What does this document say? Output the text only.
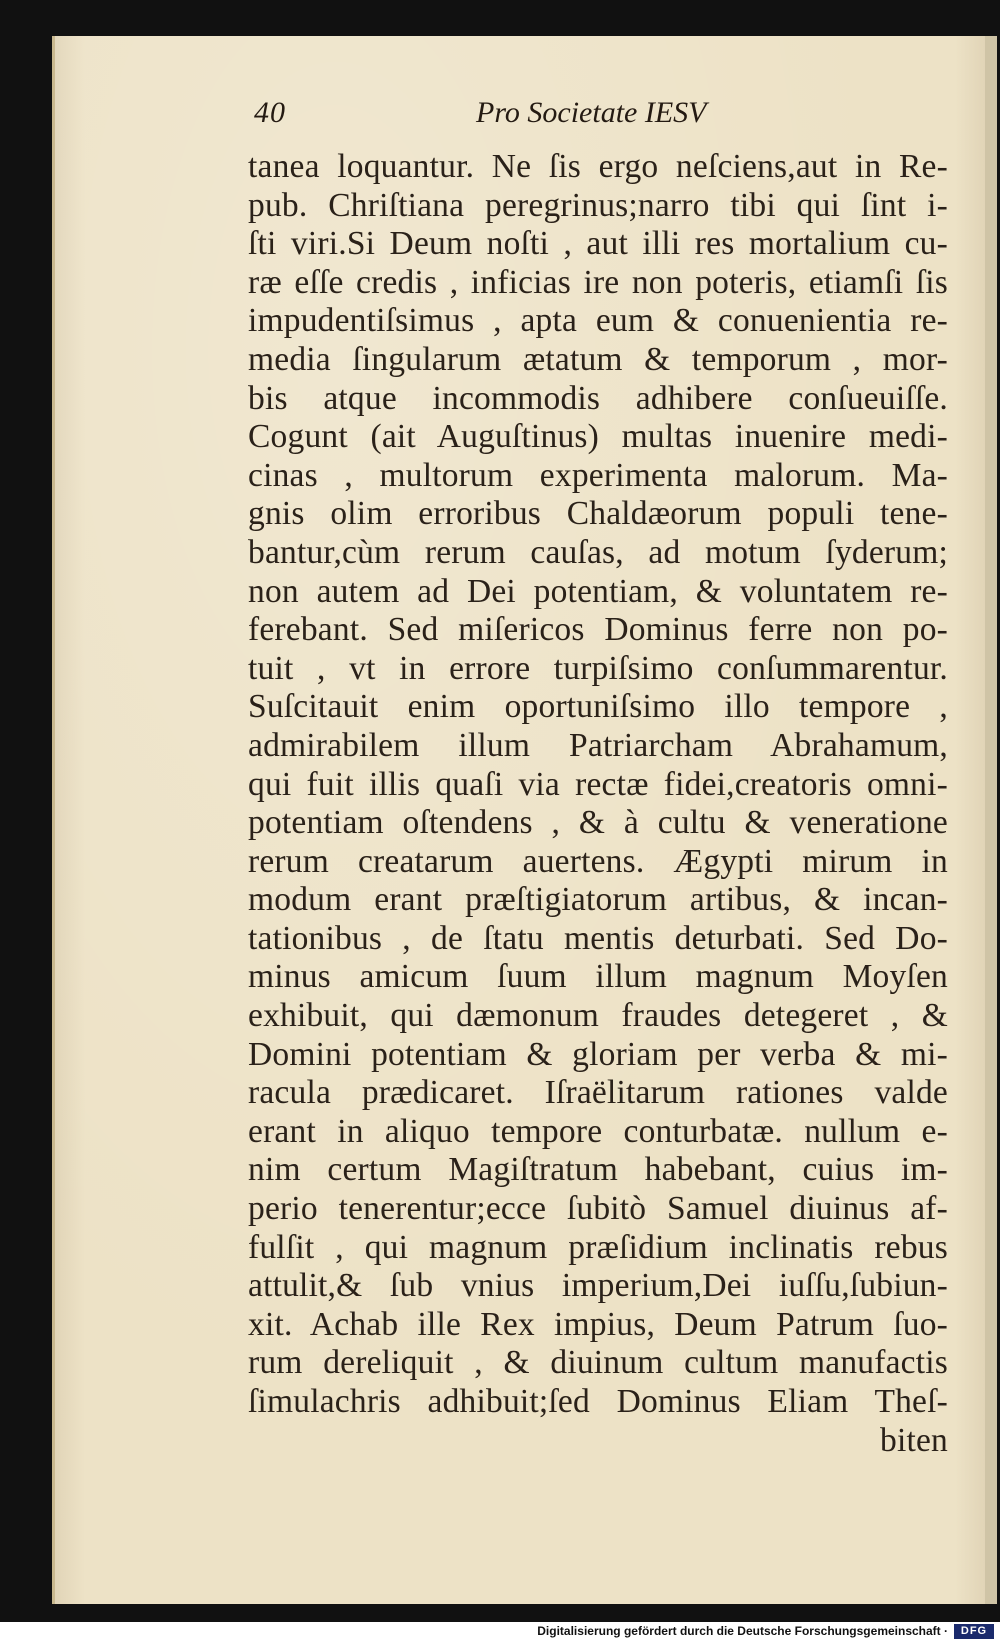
40	Pro Societate IESV
tanea loquantur. Ne ſis ergo neſciens,aut in Re-
pub. Chriſtiana peregrinus;narro tibi qui ſint i-
ſti viri.Si Deum noſti , aut illi res mortalium cu-
ræ eſſe credis , inficias ire non poteris, etiamſi ſis
impudentiſsimus , apta eum & conuenientia re-
media ſingularum ætatum & temporum , mor-
bis atque incommodis adhibere conſueuiſſe.
Cogunt (ait Auguſtinus) multas inuenire medi-
cinas , multorum experimenta malorum. Ma-
gnis olim erroribus Chaldæorum populi tene-
bantur,cùm rerum cauſas, ad motum ſyderum;
non autem ad Dei potentiam, & voluntatem re-
ferebant. Sed miſericos Dominus ferre non po-
tuit , vt in errore turpiſsimo conſummarentur.
Suſcitauit enim oportuniſsimo illo tempore ,
admirabilem illum Patriarcham Abrahamum,
qui fuit illis quaſi via rectæ fidei,creatoris omni-
potentiam oſtendens , & à cultu & veneratione
rerum creatarum auertens. Ægypti mirum in
modum erant præſtigiatorum artibus, & incan-
tationibus , de ſtatu mentis deturbati. Sed Do-
minus amicum ſuum illum magnum Moyſen
exhibuit, qui dæmonum fraudes detegeret , &
Domini potentiam & gloriam per verba & mi-
racula prædicaret. Iſraëlitarum rationes valde
erant in aliquo tempore conturbatæ. nullum e-
nim certum Magiſtratum habebant, cuius im-
perio tenerentur;ecce ſubitò Samuel diuinus af-
fulſit , qui magnum præſidium inclinatis rebus
attulit,& ſub vnius imperium,Dei iuſſu,ſubiun-
xit. Achab ille Rex impius, Deum Patrum ſuo-
rum dereliquit , & diuinum cultum manufactis
ſimulachris adhibuit;ſed Dominus Eliam Theſ-
biten
Digitalisierung gefördert durch die Deutsche Forschungsgemeinschaft ·	DFG
